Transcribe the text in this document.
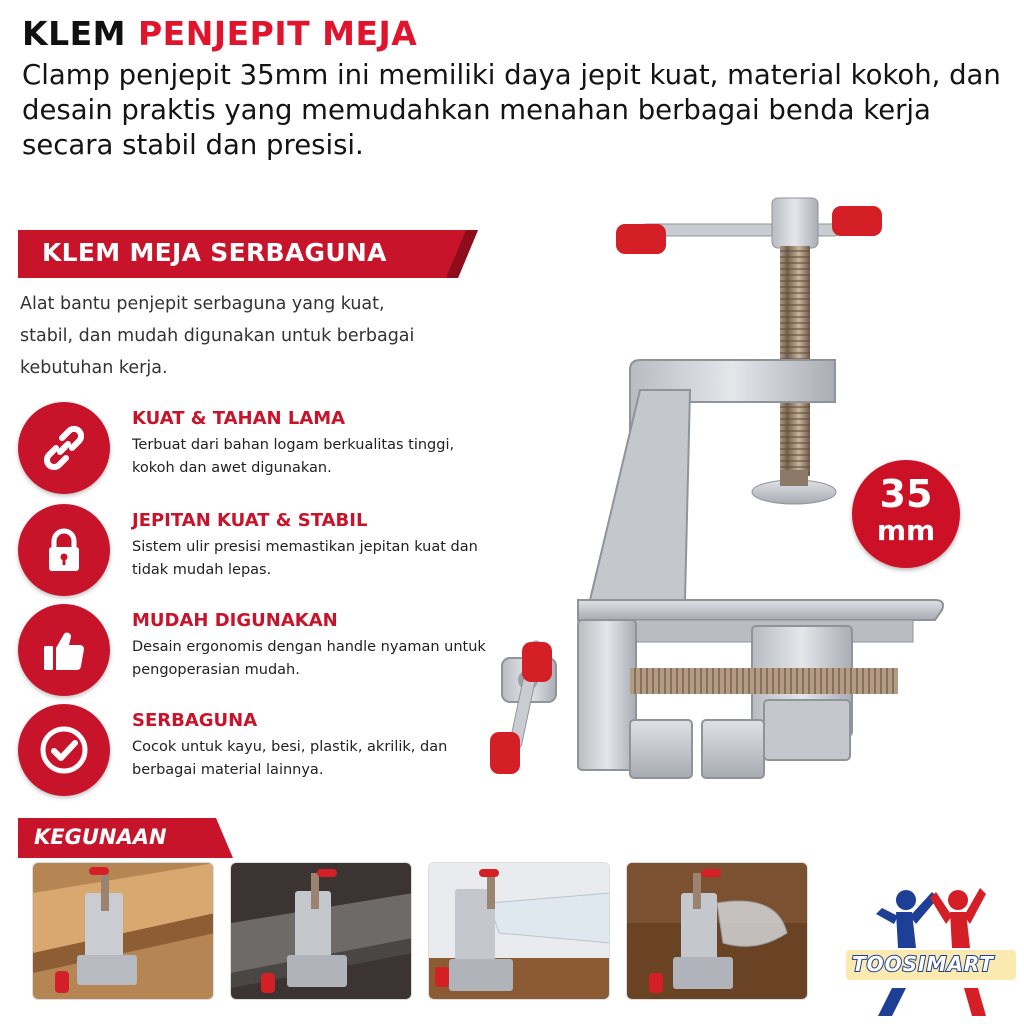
KLEM PENJEPIT MEJA
Clamp penjepit 35mm ini memiliki daya jepit kuat, material kokoh, dan desain praktis yang memudahkan menahan berbagai benda kerja secara stabil dan presisi.
KLEM MEJA SERBAGUNA
Alat bantu penjepit serbaguna yang kuat, stabil, dan mudah digunakan untuk berbagai kebutuhan kerja.
KUAT & TAHAN LAMA
Terbuat dari bahan logam berkualitas tinggi, kokoh dan awet digunakan.
JEPITAN KUAT & STABIL
Sistem ulir presisi memastikan jepitan kuat dan tidak mudah lepas.
MUDAH DIGUNAKAN
Desain ergonomis dengan handle nyaman untuk pengoperasian mudah.
SERBAGUNA
Cocok untuk kayu, besi, plastik, akrilik, dan berbagai material lainnya.
35
mm
KEGUNAAN
TOOSIMART
